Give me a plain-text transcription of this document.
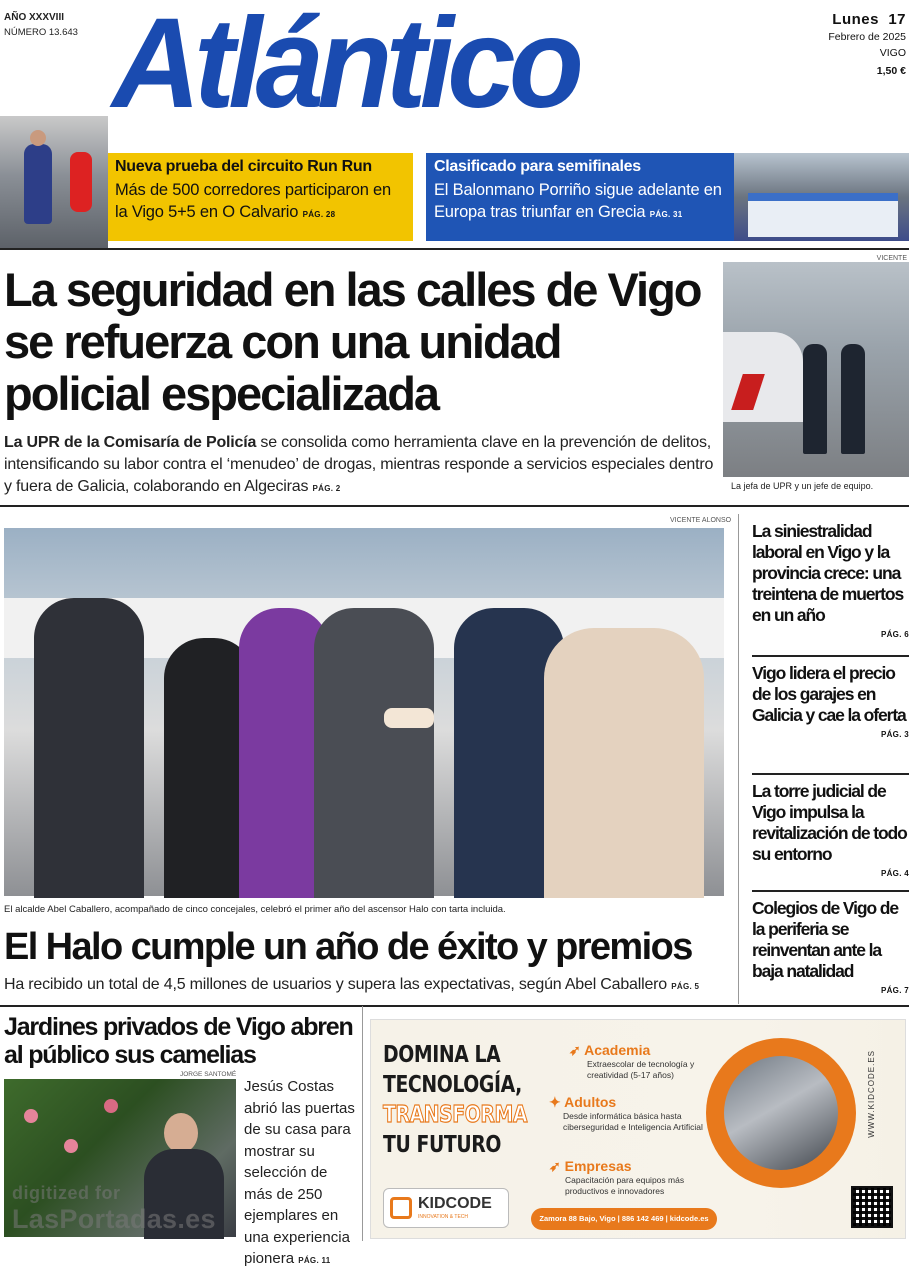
AÑO XXXVIII
NÚMERO 13.643 Atlántico	Lunes 17
Febrero de 2025
VIGO
1,50 €
Nueva prueba del circuito Run Run
Más de 500 corredores participaron en la Vigo 5+5 en O Calvario PÁG. 28
Clasificado para semifinales
El Balonmano Porriño sigue adelante en Europa tras triunfar en Grecia PÁG. 31
La seguridad en las calles de Vigo se refuerza con una unidad policial especializada
La UPR de la Comisaría de Policía se consolida como herramienta clave en la prevención de delitos, intensificando su labor contra el ‘menudeo’ de drogas, mientras responde a servicios especiales dentro y fuera de Galicia, colaborando en Algeciras PÁG. 2
VICENTE
La jefa de UPR y un jefe de equipo.
VICENTE ALONSO
El alcalde Abel Caballero, acompañado de cinco concejales, celebró el primer año del ascensor Halo con tarta incluida.
El Halo cumple un año de éxito y premios
Ha recibido un total de 4,5 millones de usuarios y supera las expectativas, según Abel Caballero PÁG. 5
La siniestralidad laboral en Vigo y la provincia crece: una treintena de muertos en un año
PÁG. 6
Vigo lidera el precio de los garajes en Galicia y cae la oferta
PÁG. 3
La torre judicial de Vigo impulsa la revitalización de todo su entorno
PÁG. 4
Colegios de Vigo de la periferia se reinventan ante la baja natalidad
PÁG. 7
Jardines privados de Vigo abren al público sus camelias
JORGE SANTOMÉ
Jesús Costas abrió las puertas de su casa para mostrar su selección de más de 250 ejemplares en una experiencia pionera PÁG. 11
DOMINA LA
TECNOLOGÍA,
TRANSFORMA
TU FUTURO
KIDCODE
INNOVATION & TECH
➶ Academia
Extraescolar de tecnología y creatividad (5-17 años)
✦ Adultos
Desde informática básica hasta ciberseguridad e Inteligencia Artificial
➶ Empresas
Capacitación para equipos más productivos e innovadores
Zamora 88 Bajo, Vigo | 886 142 469 | kidcode.es
WWW.KIDCODE.ES
digitized for
LasPortadas.es
